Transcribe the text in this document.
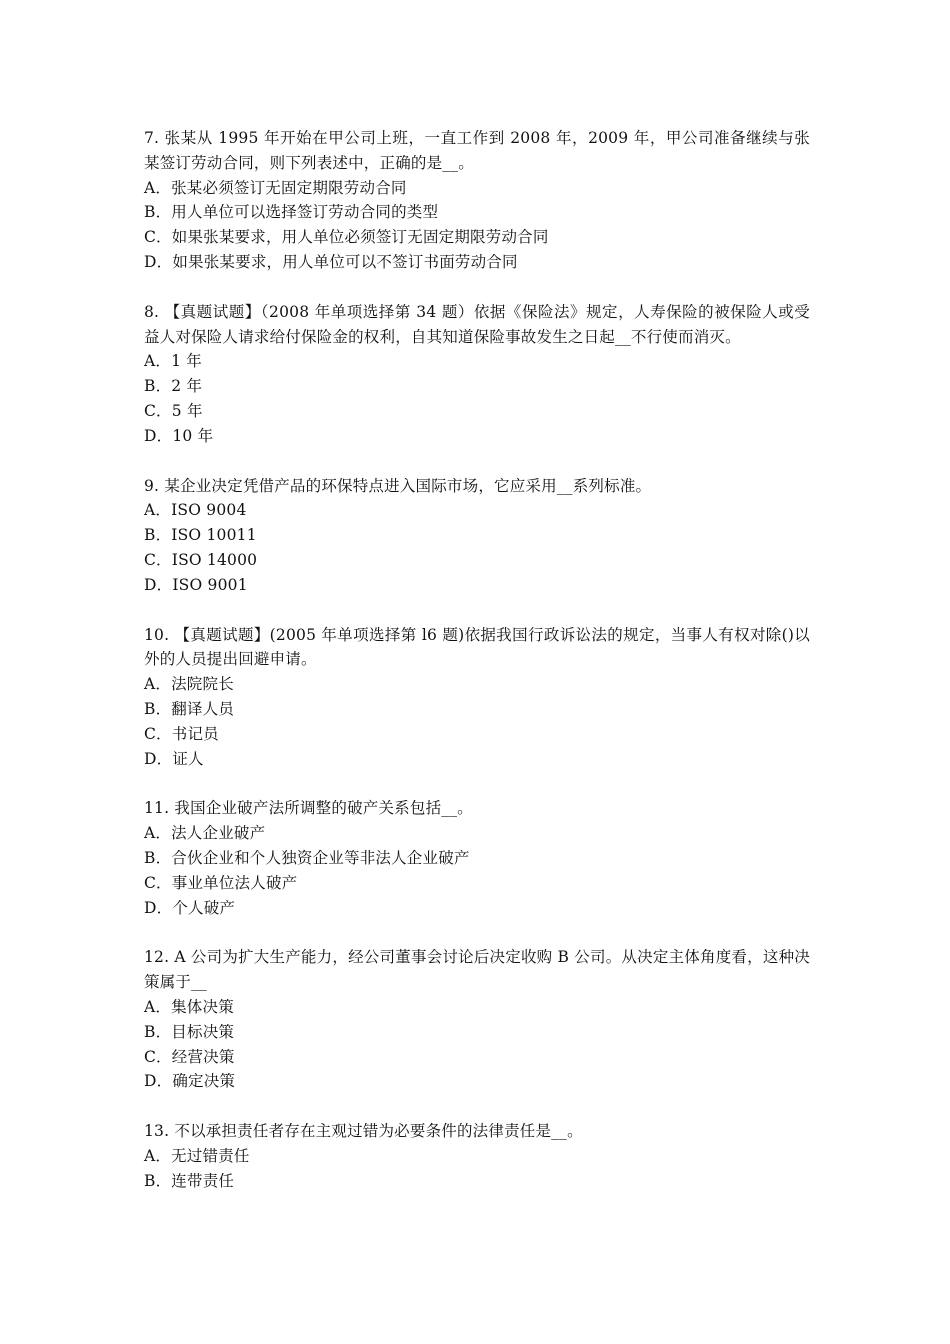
7. 张某从 1995 年开始在甲公司上班，一直工作到 2008 年，2009 年，甲公司准备继续与张某签订劳动合同，则下列表述中，正确的是__。

A．张某必须签订无固定期限劳动合同
B．用人单位可以选择签订劳动合同的类型
C．如果张某要求，用人单位必须签订无固定期限劳动合同
D．如果张某要求，用人单位可以不签订书面劳动合同

8. 【真题试题】（2008 年单项选择第 34 题）依据《保险法》规定，人寿保险的被保险人或受益人对保险人请求给付保险金的权利，自其知道保险事故发生之日起__不行使而消灭。

A．1 年
B．2 年
C．5 年
D．10 年

9. 某企业决定凭借产品的环保特点进入国际市场，它应采用__系列标准。

A．ISO 9004
B．ISO 10011
C．ISO 14000
D．ISO 9001

10. 【真题试题】(2005 年单项选择第 l6 题)依据我国行政诉讼法的规定，当事人有权对除()以外的人员提出回避申请。

A．法院院长
B．翻译人员
C．书记员
D．证人

11. 我国企业破产法所调整的破产关系包括__。

A．法人企业破产
B．合伙企业和个人独资企业等非法人企业破产
C．事业单位法人破产
D．个人破产

12. A 公司为扩大生产能力，经公司董事会讨论后决定收购 B 公司。从决定主体角度看，这种决策属于__

A．集体决策
B．目标决策
C．经营决策
D．确定决策

13. 不以承担责任者存在主观过错为必要条件的法律责任是__。

A．无过错责任
B．连带责任
